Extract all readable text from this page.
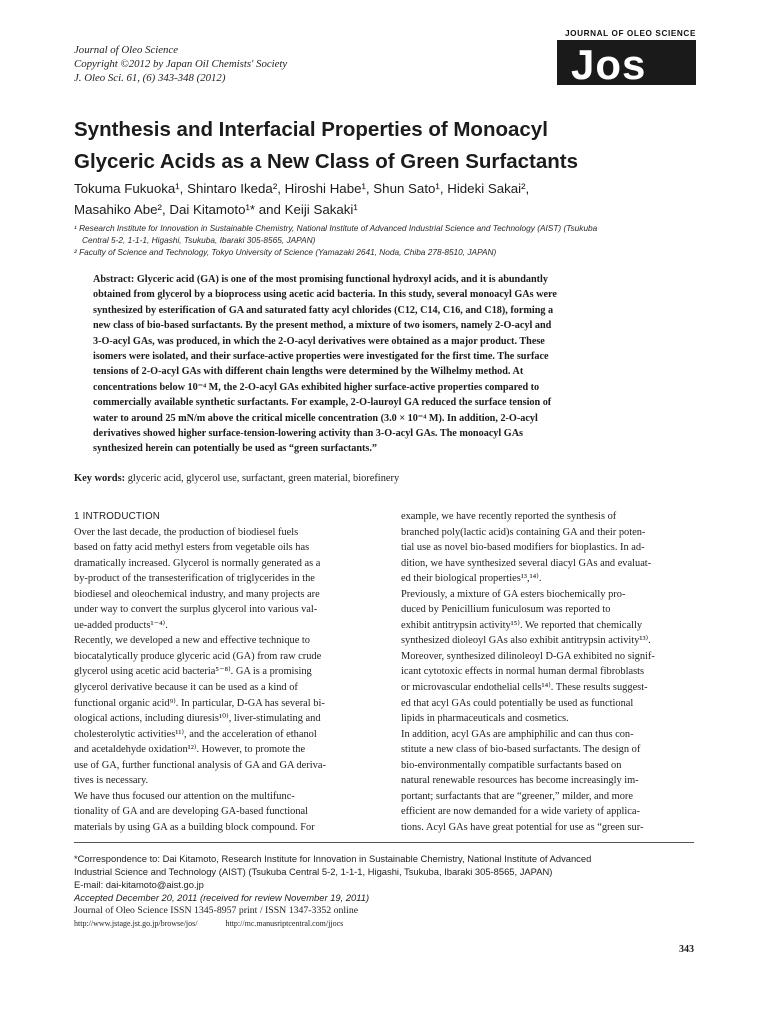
Journal of Oleo Science
Copyright ©2012 by Japan Oil Chemists' Society
J. Oleo Sci. 61, (6) 343-348 (2012)
JOURNAL OF OLEO SCIENCE
Jos
Synthesis and Interfacial Properties of Monoacyl
Glyceric Acids as a New Class of Green Surfactants
Tokuma Fukuoka¹, Shintaro Ikeda², Hiroshi Habe¹, Shun Sato¹, Hideki Sakai²,
Masahiko Abe², Dai Kitamoto¹* and Keiji Sakaki¹
¹ Research Institute for Innovation in Sustainable Chemistry, National Institute of Advanced Industrial Science and Technology (AIST) (Tsukuba
Central 5-2, 1-1-1, Higashi, Tsukuba, Ibaraki 305-8565, JAPAN)
² Faculty of Science and Technology, Tokyo University of Science (Yamazaki 2641, Noda, Chiba 278-8510, JAPAN)
Abstract: Glyceric acid (GA) is one of the most promising functional hydroxyl acids, and it is abundantly
obtained from glycerol by a bioprocess using acetic acid bacteria. In this study, several monoacyl GAs were
synthesized by esterification of GA and saturated fatty acyl chlorides (C12, C14, C16, and C18), forming a
new class of bio-based surfactants. By the present method, a mixture of two isomers, namely 2-O-acyl and
3-O-acyl GAs, was produced, in which the 2-O-acyl derivatives were obtained as a major product. These
isomers were isolated, and their surface-active properties were investigated for the first time. The surface
tensions of 2-O-acyl GAs with different chain lengths were determined by the Wilhelmy method. At
concentrations below 10⁻⁴ M, the 2-O-acyl GAs exhibited higher surface-active properties compared to
commercially available synthetic surfactants. For example, 2-O-lauroyl GA reduced the surface tension of
water to around 25 mN/m above the critical micelle concentration (3.0 × 10⁻⁴ M). In addition, 2-O-acyl
derivatives showed higher surface-tension-lowering activity than 3-O-acyl GAs. The monoacyl GAs
synthesized herein can potentially be used as “green surfactants.”
Key words: glyceric acid, glycerol use, surfactant, green material, biorefinery
1 INTRODUCTION
Over the last decade, the production of biodiesel fuels
based on fatty acid methyl esters from vegetable oils has
dramatically increased. Glycerol is normally generated as a
by-product of the transesterification of triglycerides in the
biodiesel and oleochemical industry, and many projects are
under way to convert the surplus glycerol into various val-
ue-added products¹⁻⁴⁾.
Recently, we developed a new and effective technique to
biocatalytically produce glyceric acid (GA) from raw crude
glycerol using acetic acid bacteria⁵⁻⁸⁾. GA is a promising
glycerol derivative because it can be used as a kind of
functional organic acid⁹⁾. In particular, D-GA has several bi-
ological actions, including diuresis¹⁰⁾, liver-stimulating and
cholesterolytic activities¹¹⁾, and the acceleration of ethanol
and acetaldehyde oxidation¹²⁾. However, to promote the
use of GA, further functional analysis of GA and GA deriva-
tives is necessary.
We have thus focused our attention on the multifunc-
tionality of GA and are developing GA-based functional
materials by using GA as a building block compound. For
example, we have recently reported the synthesis of
branched poly(lactic acid)s containing GA and their poten-
tial use as novel bio-based modifiers for bioplastics. In ad-
dition, we have synthesized several diacyl GAs and evaluat-
ed their biological properties¹³,¹⁴⁾.
Previously, a mixture of GA esters biochemically pro-
duced by Penicillium funiculosum was reported to
exhibit antitrypsin activity¹⁵⁾. We reported that chemically
synthesized dioleoyl GAs also exhibit antitrypsin activity¹³⁾.
Moreover, synthesized dilinoleoyl D-GA exhibited no signif-
icant cytotoxic effects in normal human dermal fibroblasts
or microvascular endothelial cells¹⁴⁾. These results suggest-
ed that acyl GAs could potentially be used as functional
lipids in pharmaceuticals and cosmetics.
In addition, acyl GAs are amphiphilic and can thus con-
stitute a new class of bio-based surfactants. The design of
bio-environmentally compatible surfactants based on
natural renewable resources has become increasingly im-
portant; surfactants that are “greener,” milder, and more
efficient are now demanded for a wide variety of applica-
tions. Acyl GAs have great potential for use as “green sur-
*Correspondence to: Dai Kitamoto, Research Institute for Innovation in Sustainable Chemistry, National Institute of Advanced
Industrial Science and Technology (AIST) (Tsukuba Central 5-2, 1-1-1, Higashi, Tsukuba, Ibaraki 305-8565, JAPAN)
E-mail: dai-kitamoto@aist.go.jp
Accepted December 20, 2011 (received for review November 19, 2011)
Journal of Oleo Science ISSN 1345-8957 print / ISSN 1347-3352 online
http://www.jstage.jst.go.jp/browse/jos/	http://mc.manusriptcentral.com/jjocs
343
